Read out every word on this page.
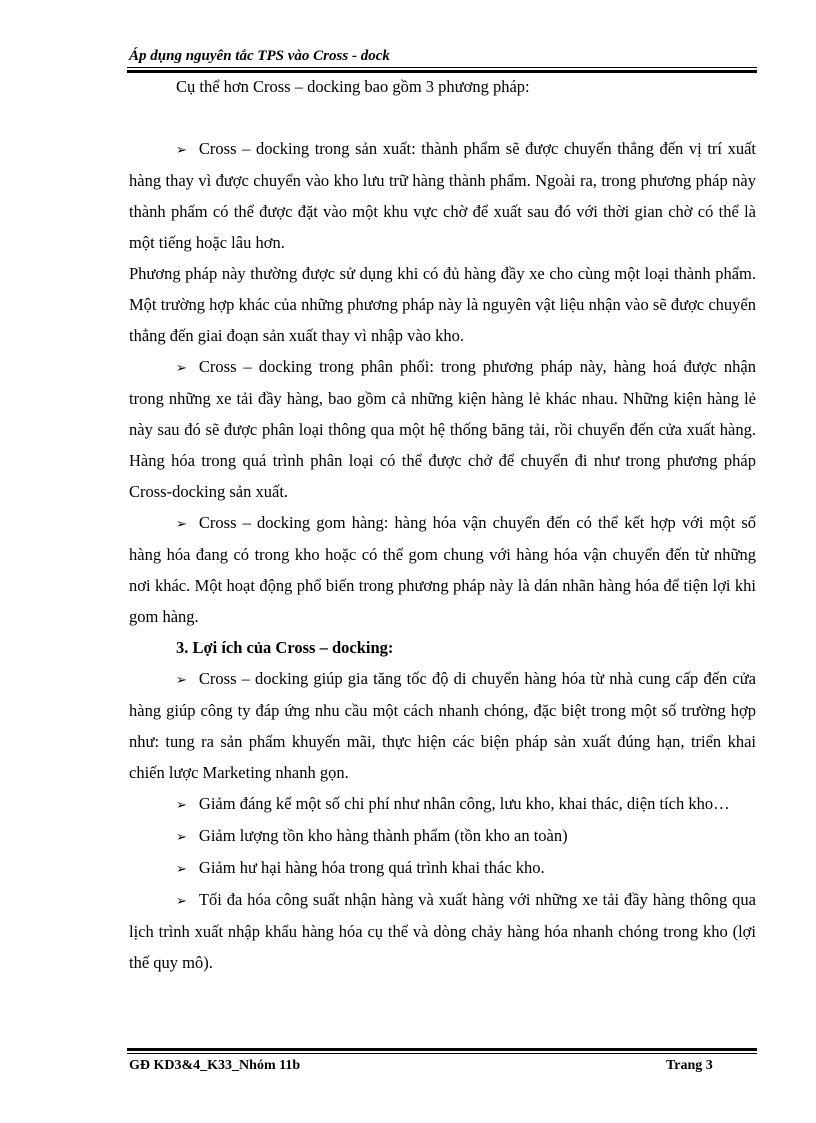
Áp dụng nguyên tắc TPS vào Cross - dock

Cụ thể hơn Cross – docking bao gồm 3 phương pháp:

➢ Cross – docking trong sản xuất: thành phẩm sẽ được chuyển thẳng đến vị trí xuất hàng thay vì được chuyển vào kho lưu trữ hàng thành phẩm. Ngoài ra, trong phương pháp này thành phẩm có thể được đặt vào một khu vực chờ để xuất sau đó với thời gian chờ có thể là một tiếng hoặc lâu hơn.

Phương pháp này thường được sử dụng khi có đủ hàng đầy xe cho cùng một loại thành phẩm. Một trường hợp khác của những phương pháp này là nguyên vật liệu nhận vào sẽ được chuyển thẳng đến giai đoạn sản xuất thay vì nhập vào kho.

➢ Cross – docking trong phân phối: trong phương pháp này, hàng hoá được nhận trong những xe tải đầy hàng, bao gồm cả những kiện hàng lẻ khác nhau. Những kiện hàng lẻ này sau đó sẽ được phân loại thông qua một hệ thống băng tải, rồi chuyển đến cửa xuất hàng. Hàng hóa trong quá trình phân loại có thể được chở để chuyển đi như trong phương pháp Cross-docking sản xuất.

➢ Cross – docking gom hàng: hàng hóa vận chuyển đến có thể kết hợp với một số hàng hóa đang có trong kho hoặc có thể gom chung với hàng hóa vận chuyển đến từ những nơi khác. Một hoạt động phổ biến trong phương pháp này là dán nhãn hàng hóa để tiện lợi khi gom hàng.

3. Lợi ích của Cross – docking:

➢ Cross – docking giúp gia tăng tốc độ di chuyển hàng hóa từ nhà cung cấp đến cửa hàng giúp công ty đáp ứng nhu cầu một cách nhanh chóng, đặc biệt trong một số trường hợp như: tung ra sản phẩm khuyến mãi, thực hiện các biện pháp sản xuất đúng hạn, triển khai chiến lược Marketing nhanh gọn.

➢ Giảm đáng kể một số chi phí như nhân công, lưu kho, khai thác, diện tích kho…

➢ Giảm lượng tồn kho hàng thành phẩm (tồn kho an toàn)

➢ Giảm hư hại hàng hóa trong quá trình khai thác kho.

➢ Tối đa hóa công suất nhận hàng và xuất hàng với những xe tải đầy hàng thông qua lịch trình xuất nhập khẩu hàng hóa cụ thể và dòng chảy hàng hóa nhanh chóng trong kho (lợi thế quy mô).

GĐ KD3&4_K33_Nhóm 11b	Trang 3
